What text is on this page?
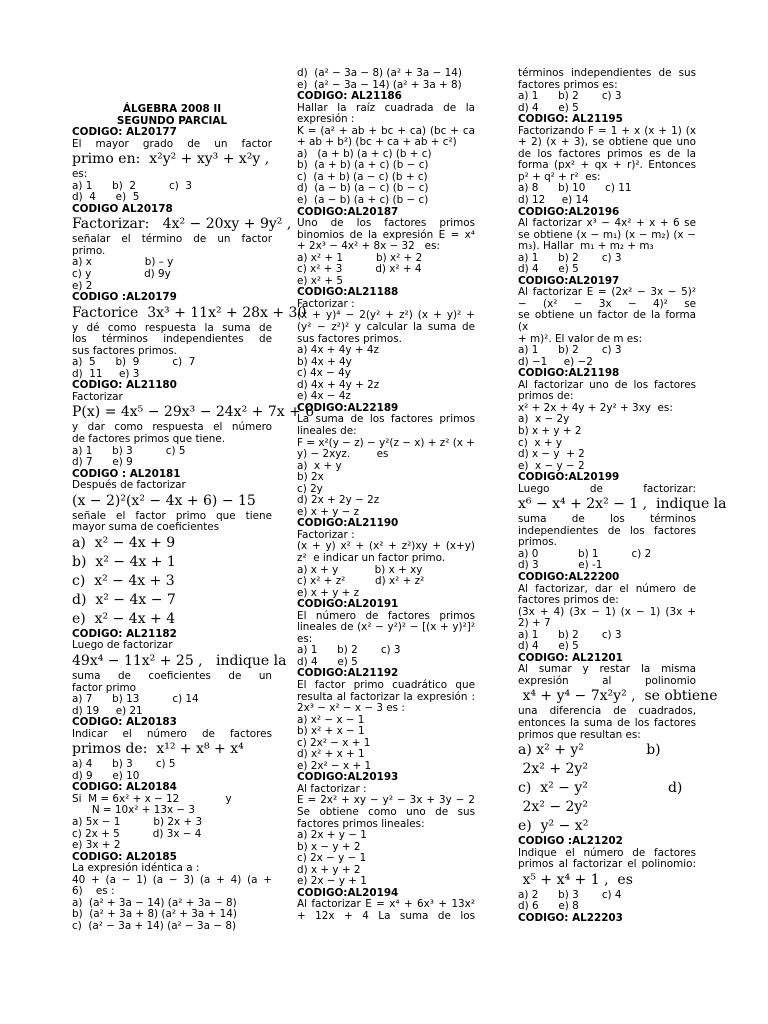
ÁLGEBRA 2008 II
SEGUNDO PARCIAL
CODIGO: AL20177
El mayor grado de un factor
primo en:  x²y² + xy³ + x²y ,
es:
a) 1      b)  2          c)  3
d)  4      e)  5
CODIGO AL20178
Factorizar:   4x² − 20xy + 9y² ,
señalar el término de un factor
primo.
a) x                b) – y
c) y                d) 9y
e) 2
CODIGO :AL20179
Factorice  3x³ + 11x² + 28x + 30
y dé como respuesta la suma de
los términos independientes de
sus factores primos.
a)  5      b)  9          c)  7
d)  11     e) 3
CODIGO: AL21180
Factorizar
P(x) = 4x⁵ − 29x³ − 24x² + 7x + 6
y dar como respuesta el número
de factores primos que tiene.
a) 1      b) 3          c) 5
d) 7      e) 9
CODIGO : AL20181
Después de factorizar
(x − 2)²(x² − 4x + 6) − 15
señale el factor primo que tiene
mayor suma de coeficientes
a)  x² − 4x + 9
b)  x² − 4x + 1
c)  x² − 4x + 3
d)  x² − 4x − 7
e)  x² − 4x + 4
CODIGO: AL21182
Luego de factorizar
49x⁴ − 11x² + 25 ,   indique la
suma de coeficientes de un
factor primo
a) 7      b) 13          c) 14
d) 19     e) 21
CODIGO: AL20183
Indicar el número de factores
primos de:  x¹² + x⁸ + x⁴
a) 4      b) 3       c) 5
d) 9      e) 10
CODIGO: AL20184
Si  M = 6x² + x − 12              y
N = 10x² + 13x − 3
a) 5x − 1          b) 2x + 3
c) 2x + 5          d) 3x − 4
e) 3x + 2
CODIGO: AL20185
La expresión idéntica a :
40 + (a − 1) (a − 3) (a + 4) (a +
6)    es :
a)  (a² + 3a − 14) (a² + 3a − 8)
b)  (a² + 3a + 8) (a² + 3a + 14)
c)  (a² − 3a + 14) (a² − 3a − 8)
d)  (a² − 3a − 8) (a² + 3a − 14)
e)  (a² − 3a − 14) (a² + 3a + 8)
CODIGO: AL21186
Hallar la raíz cuadrada de la
expresión :
K = (a² + ab + bc + ca) (bc + ca
+ ab + b²) (bc + ca + ab + c²)
a)   (a + b) (a + c) (b + c)
b)  (a + b) (a + c) (b − c)
c)  (a + b) (a − c) (b + c)
d)  (a − b) (a − c) (b − c)
e)  (a − b) (a + c) (b − c)
CODIGO:AL20187
Uno de los factores primos
binomios de la expresión E = x⁴
+ 2x³ − 4x² + 8x − 32   es:
a) x² + 1          b) x² + 2
c) x² + 3          d) x² + 4
e) x² + 5
CODIGO:AL21188
Factorizar :
(x + y)⁴ − 2(y² + z²) (x + y)² +
(y² − z²)² y calcular la suma de
sus factores primos.
a) 4x + 4y + 4z
b) 4x + 4y
c) 4x − 4y
d) 4x + 4y + 2z
e) 4x − 4z
CODIGO:AL22189
La suma de los factores primos
lineales de:
F = x²(y − z) − y²(z − x) + z² (x +
y) − 2xyz.        es
a)  x + y
b) 2x
c) 2y
d) 2x + 2y − 2z
e) x + y − z
CODIGO:AL21190
Factorizar :
(x + y) x² + (x² + z²)xy + (x+y)
z²  e indicar un factor primo.
a) x + y           b) x + xy
c) x² + z²         d) x² + z²
e) x + y + z
CODIGO:AL20191
El número de factores primos
lineales de (x² − y²)² − [(x + y)²]²
es:
a) 1      b) 2       c) 3
d) 4      e) 5
CODIGO:AL21192
El factor primo cuadrático que
resulta al factorizar la expresión :
2x³ − x² − x − 3 es :
a) x² − x − 1
b) x² + x − 1
c) 2x² − x + 1
d) x² + x + 1
e) 2x² − x + 1
CODIGO:AL20193
Al factorizar :
E = 2x² + xy − y² − 3x + 3y − 2
Se obtiene como uno de sus
factores primos lineales:
a) 2x + y − 1
b) x − y + 2
c) 2x − y − 1
d) x + y + 2
e) 2x − y + 1
CODIGO:AL20194
Al factorizar E = x⁴ + 6x³ + 13x²
+ 12x + 4 La suma de los
términos independientes de sus
factores primos es:
a) 1      b) 2       c) 3
d) 4      e) 5
CODIGO: AL21195
Factorizando F = 1 + x (x + 1) (x
+ 2) (x + 3), se obtiene que uno
de los factores primos es de la
forma (px² + qx + r)². Entonces
p² + q² + r²  es:
a) 8      b) 10      c) 11
d) 12     e) 14
CODIGO:AL20196
Al factorizar x³ − 4x² + x + 6 se
se obtiene (x − m₁) (x − m₂) (x −
m₃). Hallar  m₁ + m₂ + m₃
a) 1      b) 2       c) 3
d) 4      e) 5
CODIGO:AL20197
Al factorizar E = (2x² − 3x − 5)²
− (x² − 3x − 4)² se
se obtiene un factor de la forma (x
+ m)². El valor de m es:
a) 1      b) 2       c) 3
d) −1     e) −2
CODIGO:AL21198
Al factorizar uno de los factores
primos de:
x² + 2x + 4y + 2y² + 3xy  es:
a)  x − 2y
b) x + y + 2
c)  x + y
d) x − y  + 2
e)  x − y − 2
CODIGO:AL20199
Luego de factorizar:
x⁶ − x⁴ + 2x² − 1 ,  indique la
suma de los términos
independientes de los factores
primos.
a) 0            b) 1          c) 2
d) 3            e) -1
CODIGO:AL22200
Al factorizar, dar el número de
factores primos de:
(3x + 4) (3x − 1) (x − 1) (3x +
2) + 7
a) 1      b) 2       c) 3
d) 4      e) 5
CODIGO: AL21201
Al sumar y restar la misma
expresión al polinomio
x⁴ + y⁴ − 7x²y² ,  se obtiene
una diferencia de cuadrados,
entonces la suma de los factores
primos que resultan es:
a) x² + y²              b)
2x² + 2y²
c)  x² − y²                  d)
2x² − 2y²
e)  y² − x²
CODIGO :AL21202
Indique el número de factores
primos al factorizar el polinomio:
x⁵ + x⁴ + 1 ,  es
a) 2      b) 3       c) 4
d) 6      e) 8
CODIGO: AL22203
